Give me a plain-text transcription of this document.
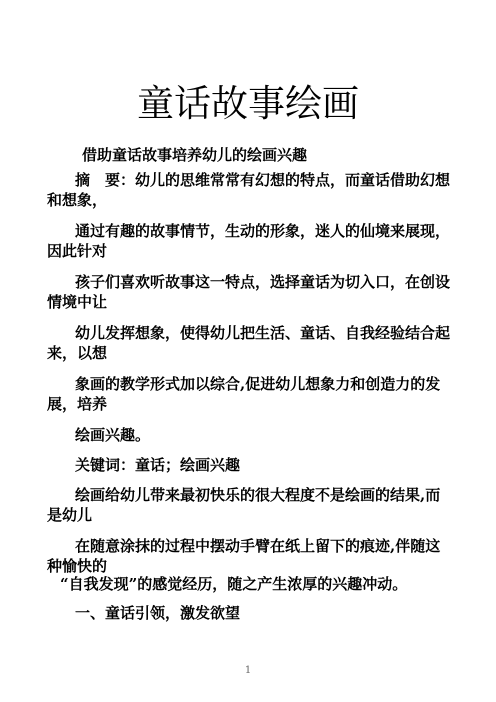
童话故事绘画
借助童话故事培养幼儿的绘画兴趣
摘　要：幼儿的思维常常有幻想的特点，而童话借助幻想
和想象，
通过有趣的故事情节，生动的形象，迷人的仙境来展现，
因此针对
孩子们喜欢听故事这一特点，选择童话为切入口，在创设
情境中让
幼儿发挥想象，使得幼儿把生活、童话、自我经验结合起
来，以想
象画的教学形式加以综合,促进幼儿想象力和创造力的发
展，培养
绘画兴趣。
关键词：童话；绘画兴趣
绘画给幼儿带来最初快乐的很大程度不是绘画的结果,而
是幼儿
在随意涂抹的过程中摆动手臂在纸上留下的痕迹,伴随这
种愉快的
“自我发现”的感觉经历，随之产生浓厚的兴趣冲动。
一、童话引领，激发欲望
1
